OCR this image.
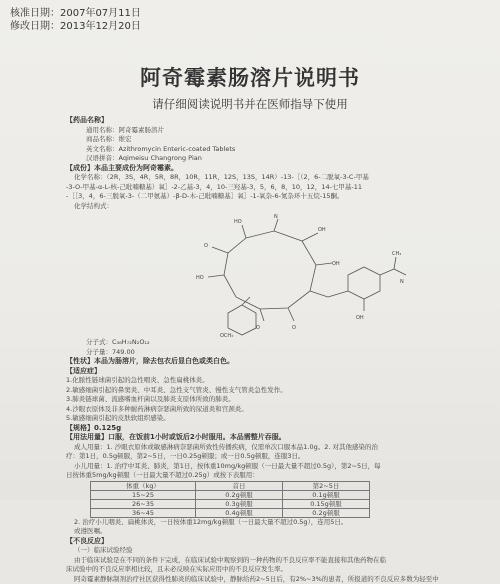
核准日期：2007年07月11日
修改日期：2013年12月20日
阿奇霉素肠溶片说明书
请仔细阅读说明书并在医师指导下使用
【药品名称】
通用名称：阿奇霉素肠溶片
商品名称：维宏
英文名称：Azithromycin Enteric-coated Tablets
汉语拼音：Aqimeisu Changrong Pian
【成份】本品主要成份为阿奇霉素。
化学名称：（2R，3S，4R，5R，8R，10R，11R，12S，13S，14R）-13-［（2，6-二脱氧-3-C-甲基
-3-O-甲基-α-L-核-己吡喃糖基）氧］-2-乙基-3，4，10-三羟基-3，5，6，8，10，12，14-七甲基-11
-［［3，4，6-三脱氧-3-（二甲氨基）-β-D-木-己吡喃糖基］氧］-1-氧杂-6-氮杂环十五烷-15酮。
化学结构式：
HO
N
OH
OH
HO
O
CH₃
N
OH
OCH₃
O	O
分子式：C₃₈H₇₂N₂O₁₂
分子量：749.00
【性状】本品为肠溶片，除去包衣后显白色或类白色。
【适应症】
1.化脓性链球菌引起的急性咽炎、急性扁桃体炎。
2.敏感细菌引起的鼻窦炎、中耳炎、急性支气管炎、慢性支气管炎急性发作。
3.肺炎链球菌、流感嗜血杆菌以及肺炎支原体所致的肺炎。
4.沙眼衣原体及非多种耐药淋病奈瑟菌所致的尿道炎和宫颈炎。
5.敏感细菌引起的皮肤软组织感染。
【规格】0.125g
【用法用量】口服，在饭前1小时或饭后2小时服用。本品需整片吞服。
成人用量：1. 沙眼衣原体或敏感淋病奈瑟菌所致性传播疾病，仅需单次口服本品1.0g。2. 对其他感染的治
疗：第1日，0.5g顿服，第2~5日，一日0.25g顿服；或一日0.5g顿服，连服3日。
小儿用量：1. 治疗中耳炎、肺炎，第1日，按体重10mg/kg顿服（一日最大量不超过0.5g），第2~5日，每
日按体重5mg/kg顿服（一日最大量不超过0.25g）或按下表服用：
体重（kg）	首日	第2~5日
15~25	0.2g顿服	0.1g顿服
26~35	0.3g顿服	0.15g顿服
36~45	0.4g顿服	0.2g顿服
2. 治疗小儿咽炎、扁桃体炎，一日按体重12mg/kg顿服（一日最大量不超过0.5g），连用5日。
或遵医嘱。
【不良反应】
（一）临床试验经验
由于临床试验是在不同的条件下完成，在临床试验中观察到的一种药物的不良反应率不能直接和其他药物在临
床试验中的不良反应率相比较，且未必反映在实际应用中的不良反应发生率。
阿奇霉素静脉制剂治疗社区获得性肺炎的临床试验中，静脉给药2~5日后，有2%~3%的患者，所报道的不良反应多数为轻至中
